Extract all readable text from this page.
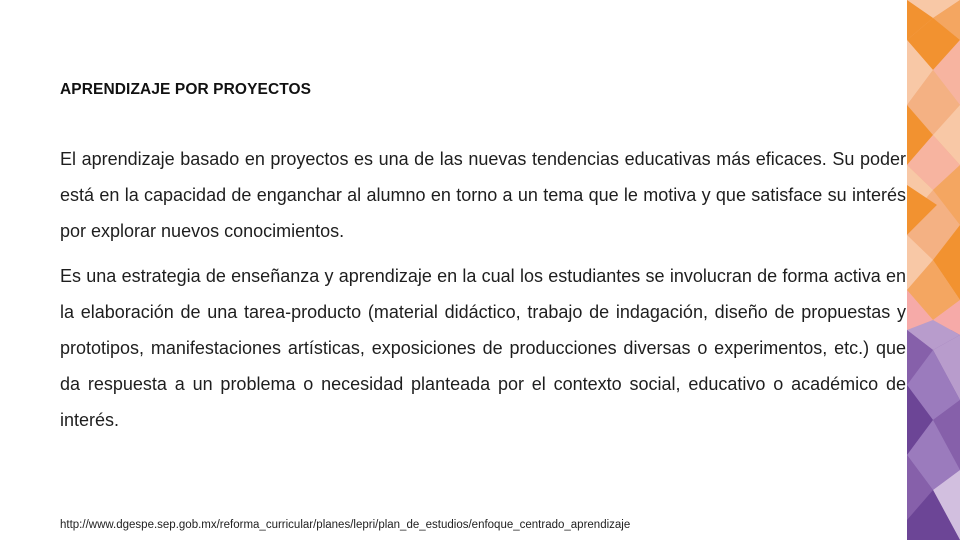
APRENDIZAJE POR PROYECTOS

El aprendizaje basado en proyectos es una de las nuevas tendencias educativas más eficaces. Su poder está en la capacidad de enganchar al alumno en torno a un tema que le motiva y que satisface su interés por explorar nuevos conocimientos.

Es una estrategia de enseñanza y aprendizaje en la cual los estudiantes se involucran de forma activa en la elaboración de una tarea-producto (material didáctico, trabajo de indagación, diseño de propuestas y prototipos, manifestaciones artísticas, exposiciones de producciones diversas o experimentos, etc.) que da respuesta a un problema o necesidad planteada por el contexto social, educativo o académico de interés.

http://www.dgespe.sep.gob.mx/reforma_curricular/planes/lepri/plan_de_estudios/enfoque_centrado_aprendizaje
